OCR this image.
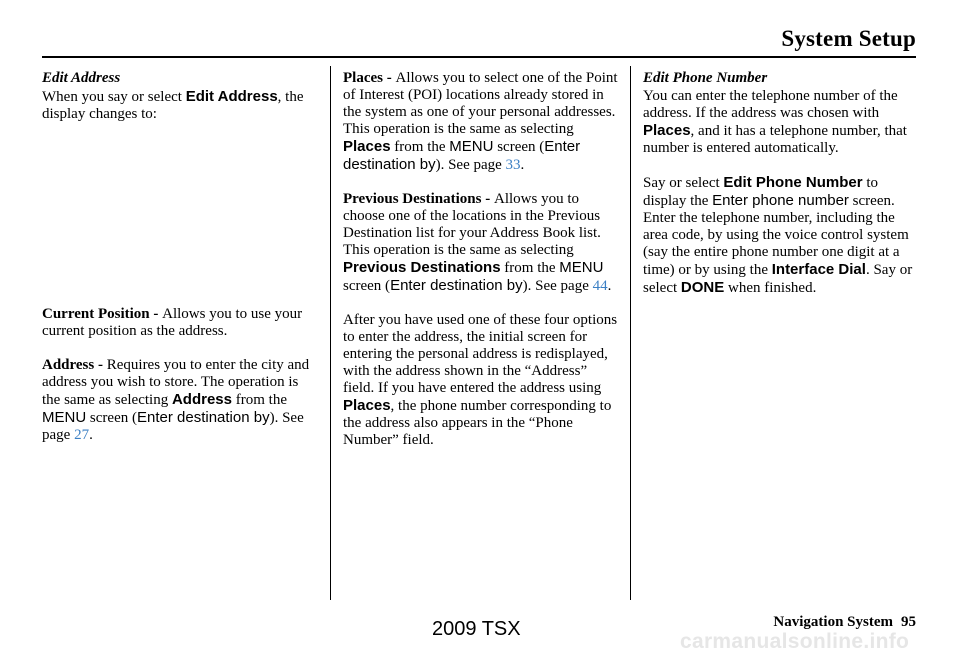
System Setup

Edit Address

When you say or select Edit Address, the display changes to:

Current Position - Allows you to use your current position as the address.

Address - Requires you to enter the city and address you wish to store. The operation is the same as selecting Address from the MENU screen (Enter destination by). See page 27.

Places - Allows you to select one of the Point of Interest (POI) locations already stored in the system as one of your personal addresses. This operation is the same as selecting Places from the MENU screen (Enter destination by). See page 33.

Previous Destinations - Allows you to choose one of the locations in the Previous Destination list for your Address Book list. This operation is the same as selecting Previous Destinations from the MENU screen (Enter destination by). See page 44.

After you have used one of these four options to enter the address, the initial screen for entering the personal address is redisplayed, with the address shown in the “Address” field. If you have entered the address using Places, the phone number corresponding to the address also appears in the “Phone Number” field.

Edit Phone Number

You can enter the telephone number of the address. If the address was chosen with Places, and it has a telephone number, that number is entered automatically.

Say or select Edit Phone Number to display the Enter phone number screen. Enter the telephone number, including the area code, by using the voice control system (say the entire phone number one digit at a time) or by using the Interface Dial. Say or select DONE when finished.

Navigation System 95
2009 TSX
carmanualsonline.info
